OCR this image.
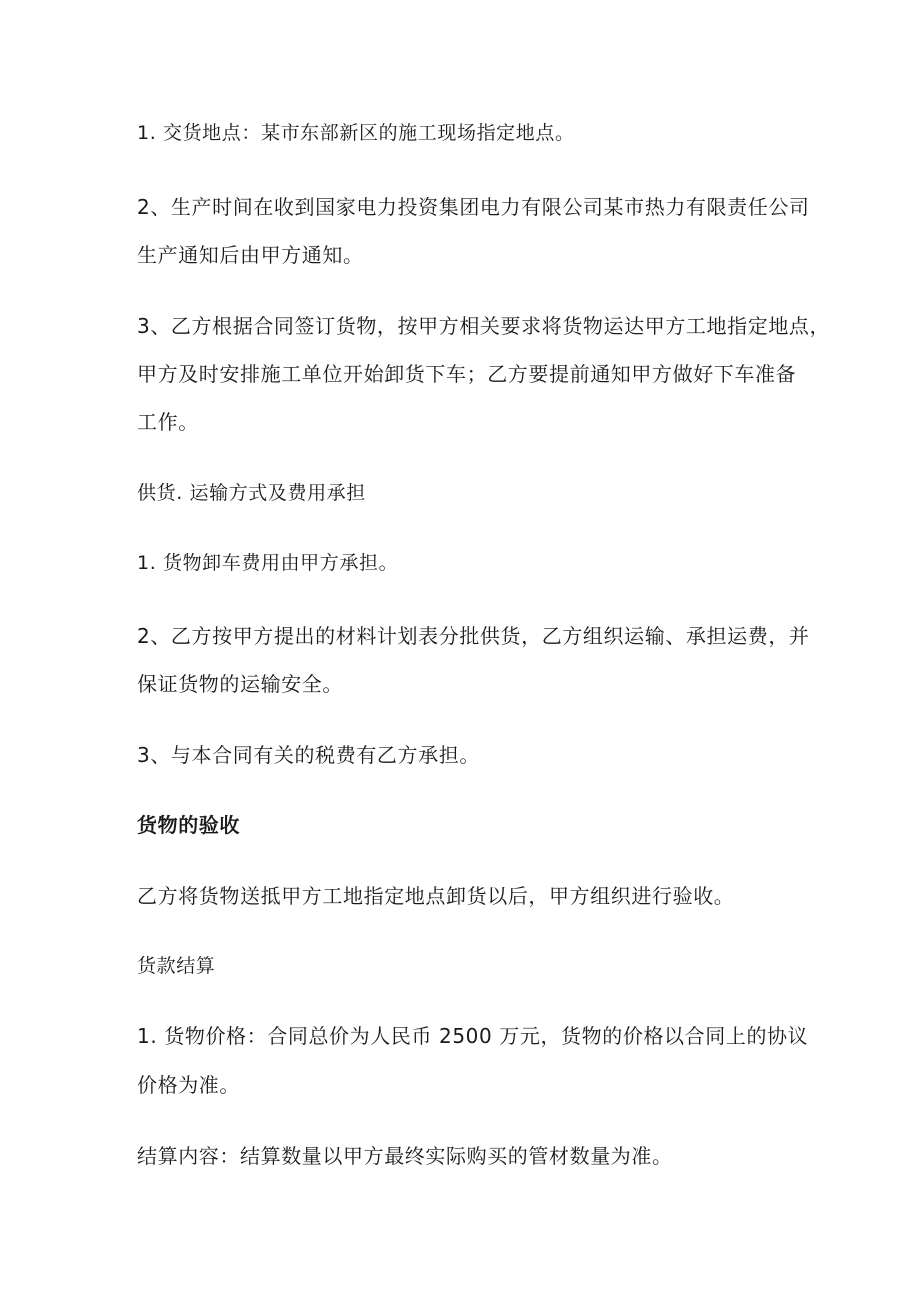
1. 交货地点：某市东部新区的施工现场指定地点。
2、生产时间在收到国家电力投资集团电力有限公司某市热力有限责任公司
生产通知后由甲方通知。
3、乙方根据合同签订货物，按甲方相关要求将货物运达甲方工地指定地点，
甲方及时安排施工单位开始卸货下车；乙方要提前通知甲方做好下车准备
工作。
供货. 运输方式及费用承担
1. 货物卸车费用由甲方承担。
2、乙方按甲方提出的材料计划表分批供货，乙方组织运输、承担运费，并
保证货物的运输安全。
3、与本合同有关的税费有乙方承担。
货物的验收
乙方将货物送抵甲方工地指定地点卸货以后，甲方组织进行验收。
货款结算
1. 货物价格：合同总价为人民币 2500 万元，货物的价格以合同上的协议
价格为准。
结算内容：结算数量以甲方最终实际购买的管材数量为准。
